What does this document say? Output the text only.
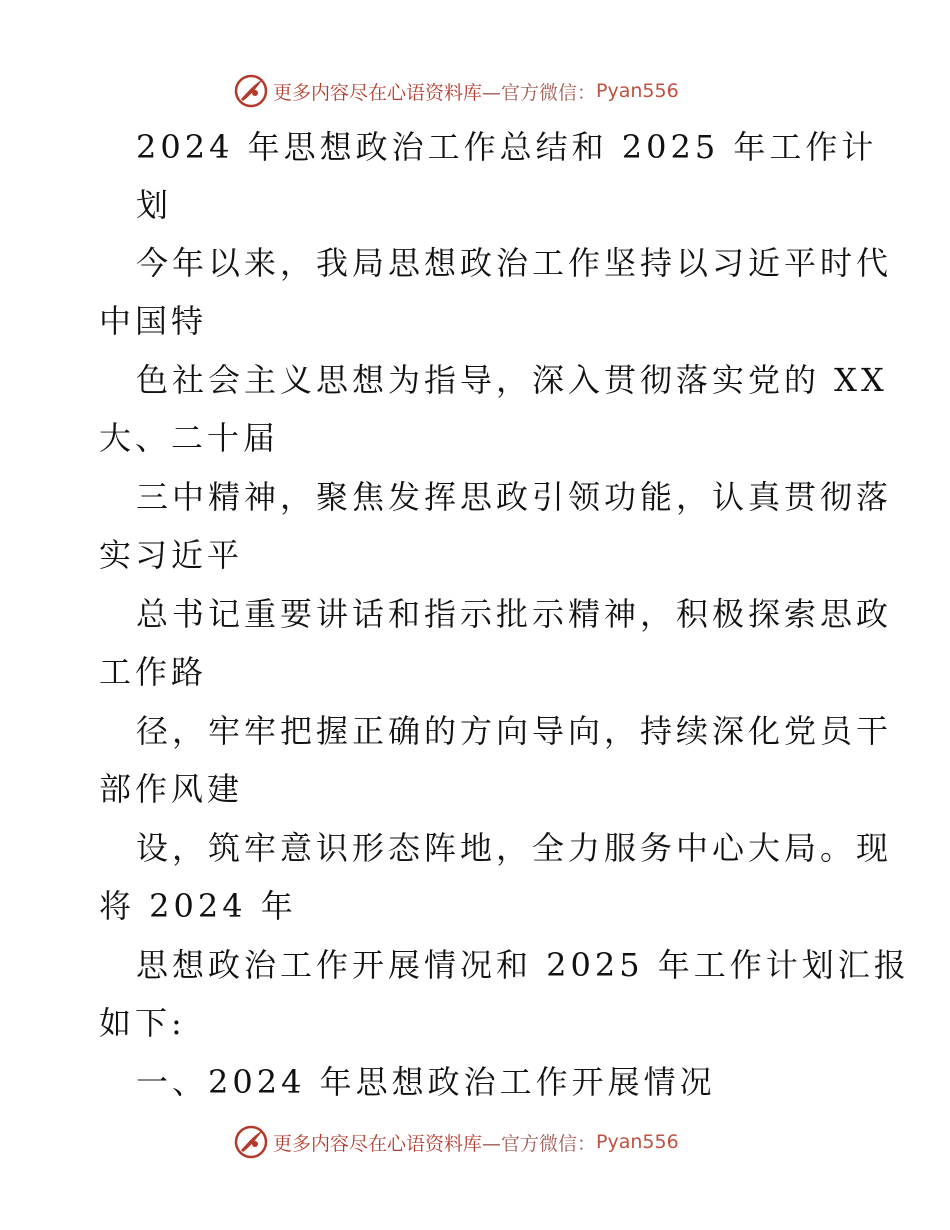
更多内容尽在心语资料库 —官方微信： Pyan556
2024 年思想政治工作总结和 2025 年工作计
划
今年以来，我局思想政治工作坚持以习近平时代
中国特
色社会主义思想为指导，深入贯彻落实党的 XX
大、二十届
三中精神，聚焦发挥思政引领功能，认真贯彻落
实习近平
总书记重要讲话和指示批示精神，积极探索思政
工作路
径，牢牢把握正确的方向导向，持续深化党员干
部作风建
设，筑牢意识形态阵地，全力服务中心大局。现
将 2024 年
思想政治工作开展情况和 2025 年工作计划汇报
如下:
一、2024 年思想政治工作开展情况
更多内容尽在心语资料库 —官方微信： Pyan556
